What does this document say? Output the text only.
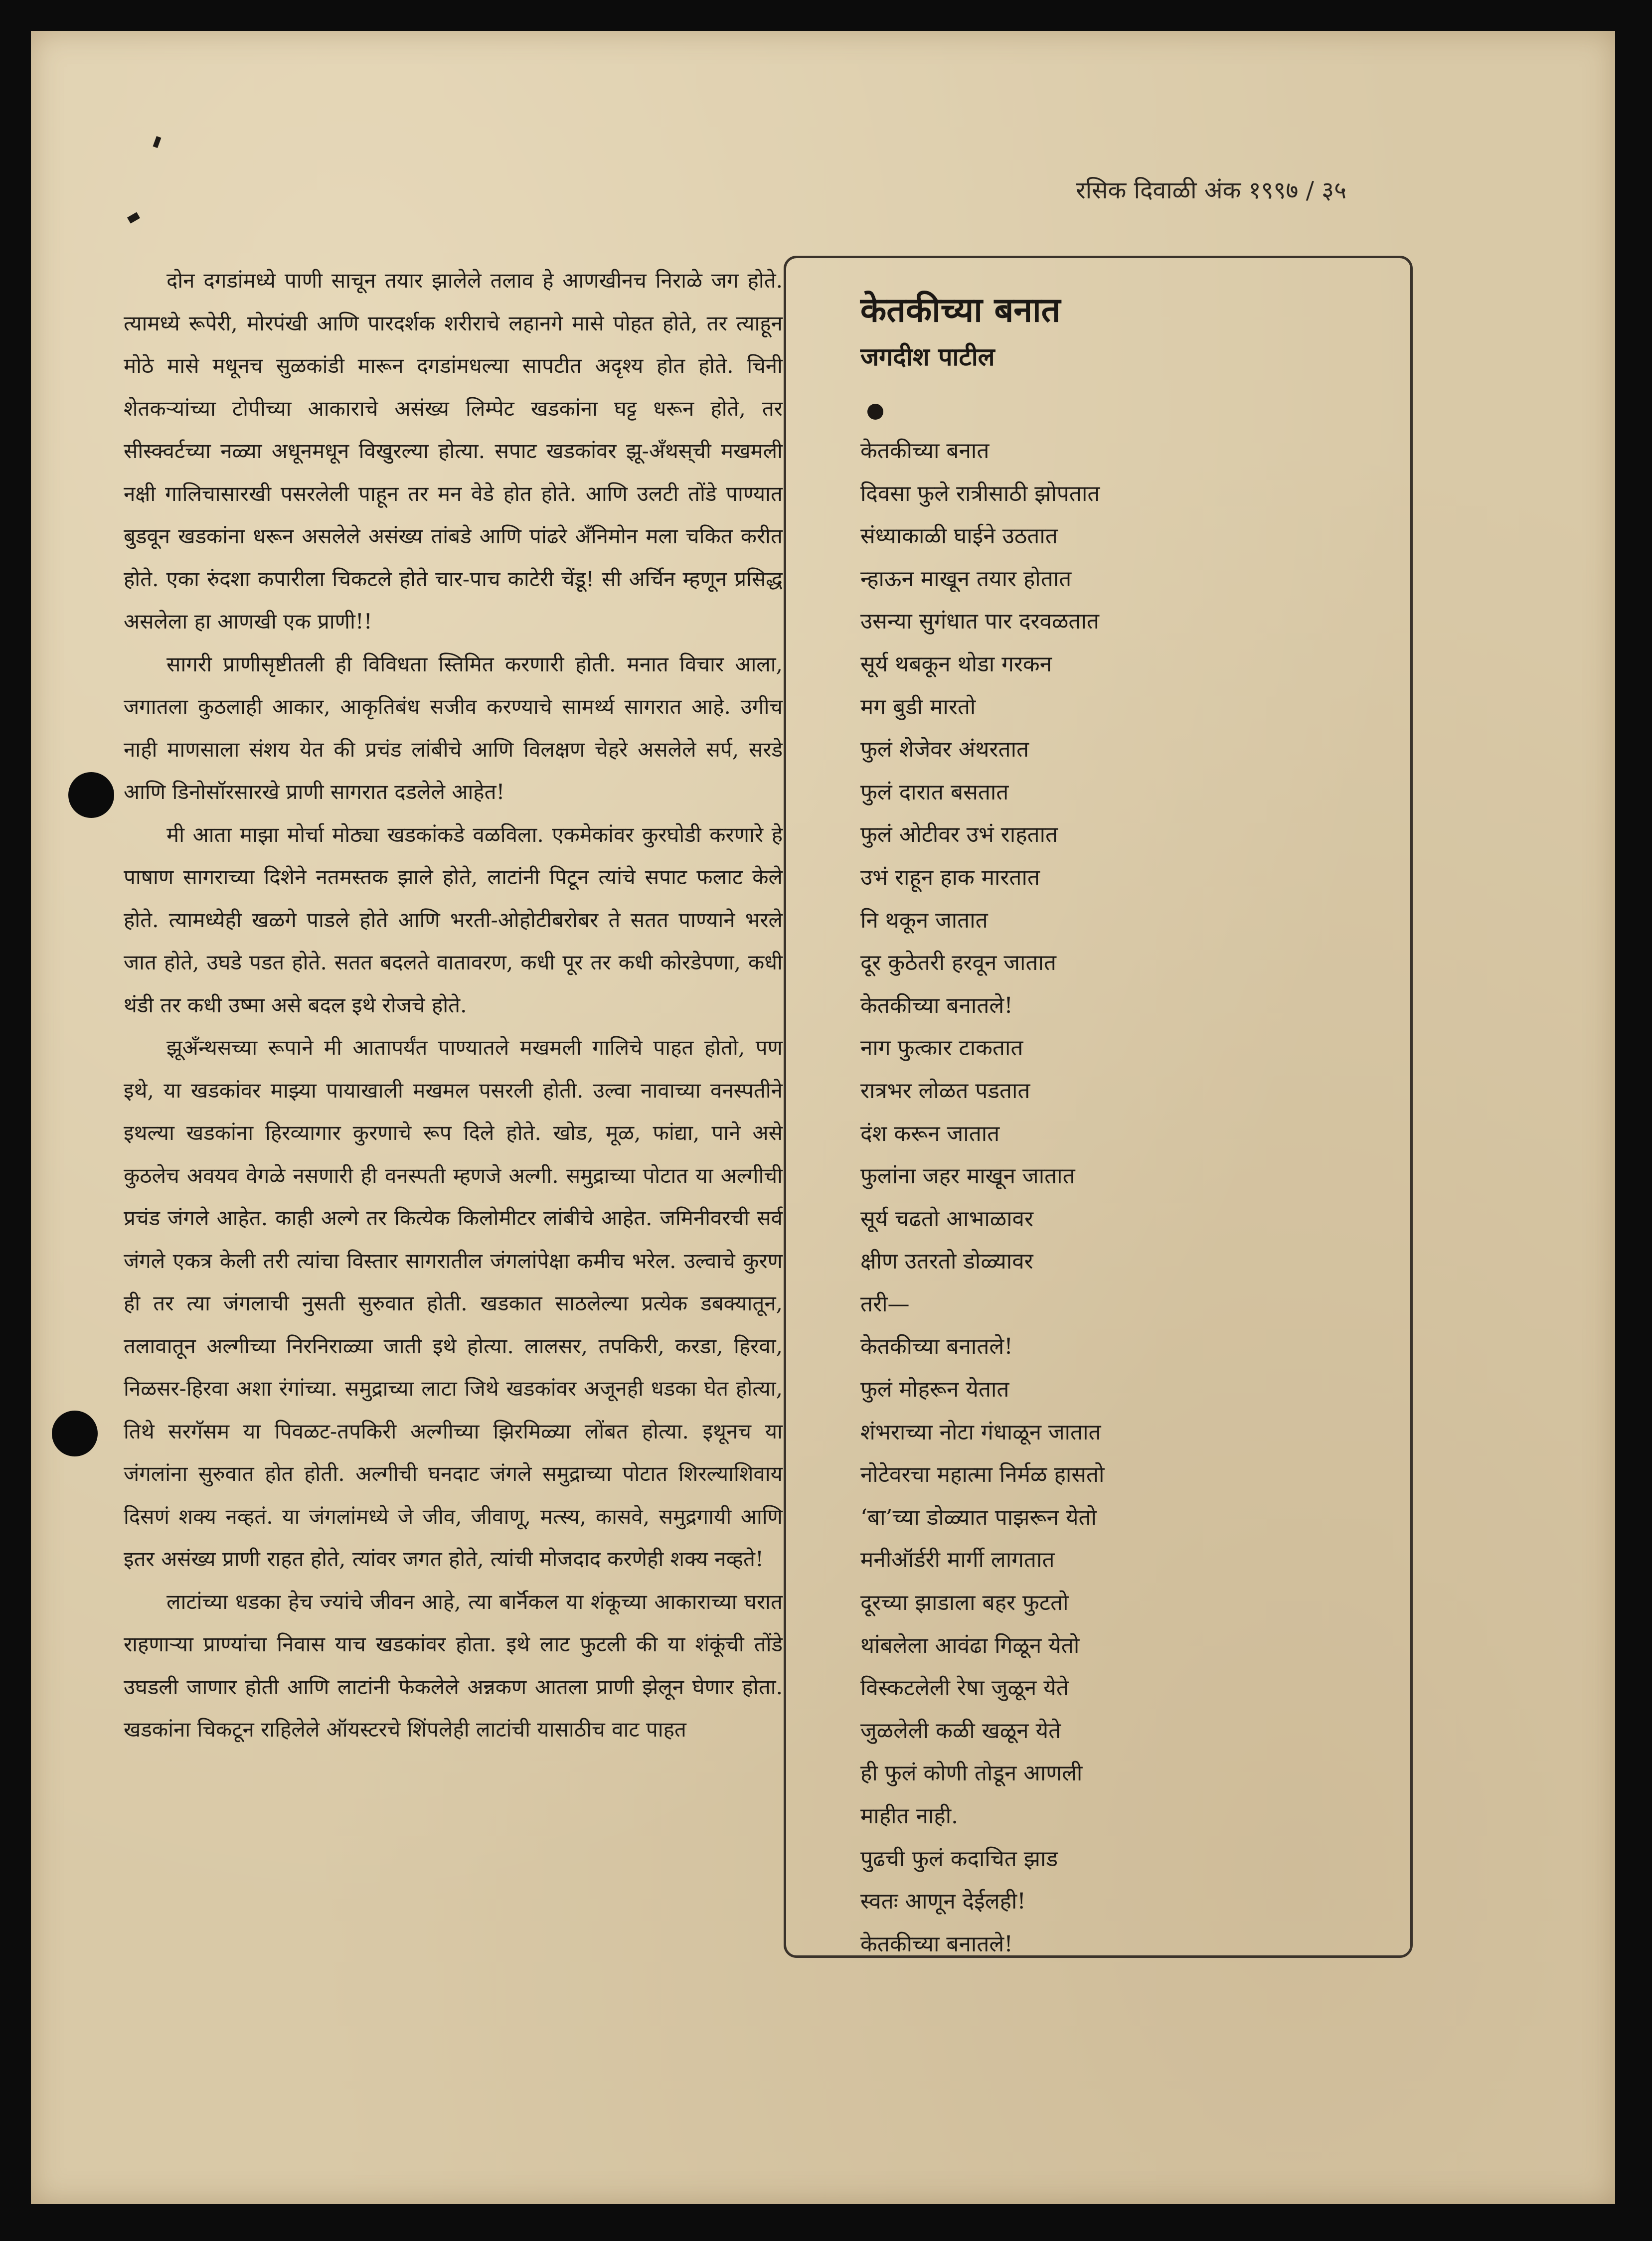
रसिक दिवाळी अंक १९९७ / ३५

दोन दगडांमध्ये पाणी साचून तयार झालेले तलाव हे आणखीनच निराळे जग होते. त्यामध्ये रूपेरी, मोरपंखी आणि पारदर्शक शरीराचे लहानगे मासे पोहत होते, तर त्याहून मोठे मासे मधूनच सुळकांडी मारून दगडांमधल्या सापटीत अदृश्य होत होते. चिनी शेतकऱ्यांच्या टोपीच्या आकाराचे असंख्य लिम्पेट खडकांना घट्ट धरून होते, तर सीस्क्वर्टच्या नळ्या अधूनमधून विखुरल्या होत्या. सपाट खडकांवर झू-अँथस्‌ची मखमली नक्षी गालिचासारखी पसरलेली पाहून तर मन वेडे होत होते. आणि उलटी तोंडे पाण्यात बुडवून खडकांना धरून असलेले असंख्य तांबडे आणि पांढरे अँनिमोन मला चकित करीत होते. एका रुंदशा कपारीला चिकटले होते चार-पाच काटेरी चेंडू! सी अर्चिन म्हणून प्रसिद्ध असलेला हा आणखी एक प्राणी!!

सागरी प्राणीसृष्टीतली ही विविधता स्तिमित करणारी होती. मनात विचार आला, जगातला कुठलाही आकार, आकृतिबंध सजीव करण्याचे सामर्थ्य सागरात आहे. उगीच नाही माणसाला संशय येत की प्रचंड लांबीचे आणि विलक्षण चेहरे असलेले सर्प, सरडे आणि डिनोसॉरसारखे प्राणी सागरात दडलेले आहेत!

मी आता माझा मोर्चा मोठ्या खडकांकडे वळविला. एकमेकांवर कुरघोडी करणारे हे पाषाण सागराच्या दिशेने नतमस्तक झाले होते, लाटांनी पिटून त्यांचे सपाट फलाट केले होते. त्यामध्येही खळगे पाडले होते आणि भरती-ओहोटीबरोबर ते सतत पाण्याने भरले जात होते, उघडे पडत होते. सतत बदलते वातावरण, कधी पूर तर कधी कोरडेपणा, कधी थंडी तर कधी उष्मा असे बदल इथे रोजचे होते.

झूअँन्थसच्या रूपाने मी आतापर्यंत पाण्यातले मखमली गालिचे पाहत होतो, पण इथे, या खडकांवर माझ्या पायाखाली मखमल पसरली होती. उल्वा नावाच्या वनस्पतीने इथल्या खडकांना हिरव्यागार कुरणाचे रूप दिले होते. खोड, मूळ, फांद्या, पाने असे कुठलेच अवयव वेगळे नसणारी ही वनस्पती म्हणजे अल्गी. समुद्राच्या पोटात या अल्गीची प्रचंड जंगले आहेत. काही अल्गे तर कित्येक किलोमीटर लांबीचे आहेत. जमिनीवरची सर्व जंगले एकत्र केली तरी त्यांचा विस्तार सागरातील जंगलांपेक्षा कमीच भरेल. उल्वाचे कुरण ही तर त्या जंगलाची नुसती सुरुवात होती. खडकात साठलेल्या प्रत्येक डबक्यातून, तलावातून अल्गीच्या निरनिराळ्या जाती इथे होत्या. लालसर, तपकिरी, करडा, हिरवा, निळसर-हिरवा अशा रंगांच्या. समुद्राच्या लाटा जिथे खडकांवर अजूनही धडका घेत होत्या, तिथे सरगॅसम या पिवळट-तपकिरी अल्गीच्या झिरमिळ्या लोंबत होत्या. इथूनच या जंगलांना सुरुवात होत होती. अल्गीची घनदाट जंगले समुद्राच्या पोटात शिरल्याशिवाय दिसणं शक्य नव्हतं. या जंगलांमध्ये जे जीव, जीवाणू, मत्स्य, कासवे, समुद्रगायी आणि इतर असंख्य प्राणी राहत होते, त्यांवर जगत होते, त्यांची मोजदाद करणेही शक्य नव्हते!

लाटांच्या धडका हेच ज्यांचे जीवन आहे, त्या बार्नॅकल या शंकूच्या आकाराच्या घरात राहणाऱ्या प्राण्यांचा निवास याच खडकांवर होता. इथे लाट फुटली की या शंकूंची तोंडे उघडली जाणार होती आणि लाटांनी फेकलेले अन्नकण आतला प्राणी झेलून घेणार होता. खडकांना चिकटून राहिलेले ऑयस्टरचे शिंपलेही लाटांची यासाठीच वाट पाहत

केतकीच्या बनात
जगदीश पाटील
केतकीच्या बनात
दिवसा फुले रात्रीसाठी झोपतात
संध्याकाळी घाईने उठतात
न्हाऊन माखून तयार होतात
उसन्या सुगंधात पार दरवळतात
सूर्य थबकून थोडा गरकन
मग बुडी मारतो
फुलं शेजेवर अंथरतात
फुलं दारात बसतात
फुलं ओटीवर उभं राहतात
उभं राहून हाक मारतात
नि थकून जातात
दूर कुठेतरी हरवून जातात
केतकीच्या बनातले!
नाग फुत्कार टाकतात
रात्रभर लोळत पडतात
दंश करून जातात
फुलांना जहर माखून जातात
सूर्य चढतो आभाळावर
क्षीण उतरतो डोळ्यावर
तरी—
केतकीच्या बनातले!
फुलं मोहरून येतात
शंभराच्या नोटा गंधाळून जातात
नोटेवरचा महात्मा निर्मळ हासतो
‘बा’च्या डोळ्यात पाझरून येतो
मनीऑर्डरी मार्गी लागतात
दूरच्या झाडाला बहर फुटतो
थांबलेला आवंढा गिळून येतो
विस्कटलेली रेषा जुळून येते
जुळलेली कळी खळून येते
ही फुलं कोणी तोडून आणली
माहीत नाही.
पुढची फुलं कदाचित झाड
स्वतः आणून देईलही!
केतकीच्या बनातले!
